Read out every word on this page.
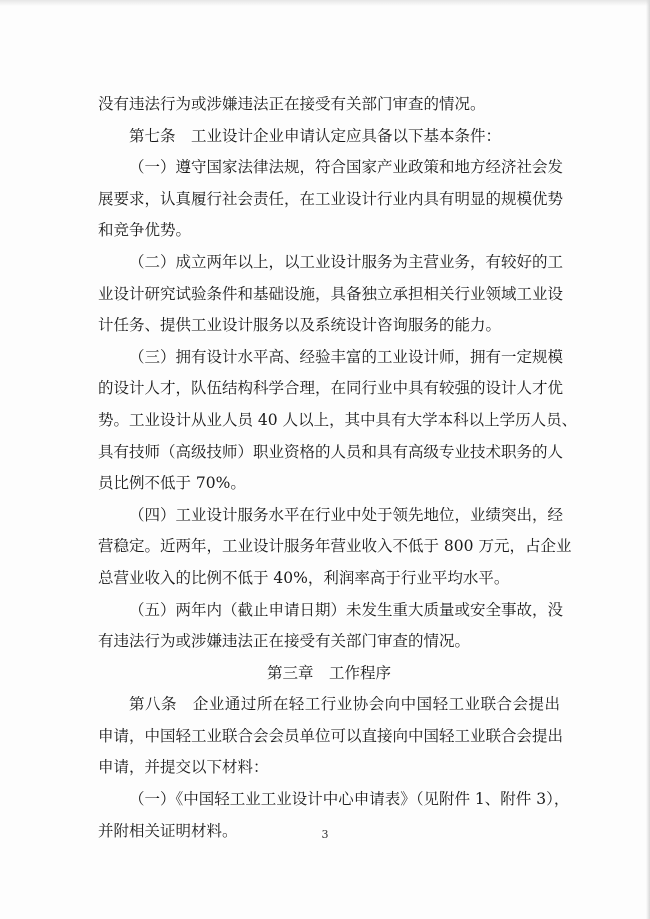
没有违法行为或涉嫌违法正在接受有关部门审查的情况。
第七条　工业设计企业申请认定应具备以下基本条件：
（一）遵守国家法律法规，符合国家产业政策和地方经济社会发
展要求，认真履行社会责任，在工业设计行业内具有明显的规模优势
和竞争优势。
（二）成立两年以上，以工业设计服务为主营业务，有较好的工
业设计研究试验条件和基础设施，具备独立承担相关行业领域工业设
计任务、提供工业设计服务以及系统设计咨询服务的能力。
（三）拥有设计水平高、经验丰富的工业设计师，拥有一定规模
的设计人才，队伍结构科学合理，在同行业中具有较强的设计人才优
势。工业设计从业人员 40 人以上，其中具有大学本科以上学历人员、
具有技师（高级技师）职业资格的人员和具有高级专业技术职务的人
员比例不低于 70%。
（四）工业设计服务水平在行业中处于领先地位，业绩突出，经
营稳定。近两年，工业设计服务年营业收入不低于 800 万元，占企业
总营业收入的比例不低于 40%，利润率高于行业平均水平。
（五）两年内（截止申请日期）未发生重大质量或安全事故，没
有违法行为或涉嫌违法正在接受有关部门审查的情况。
第三章　工作程序
第八条　企业通过所在轻工行业协会向中国轻工业联合会提出
申请，中国轻工业联合会会员单位可以直接向中国轻工业联合会提出
申请，并提交以下材料：
（一）《中国轻工业工业设计中心申请表》（见附件 1、附件 3），
并附相关证明材料。	3
